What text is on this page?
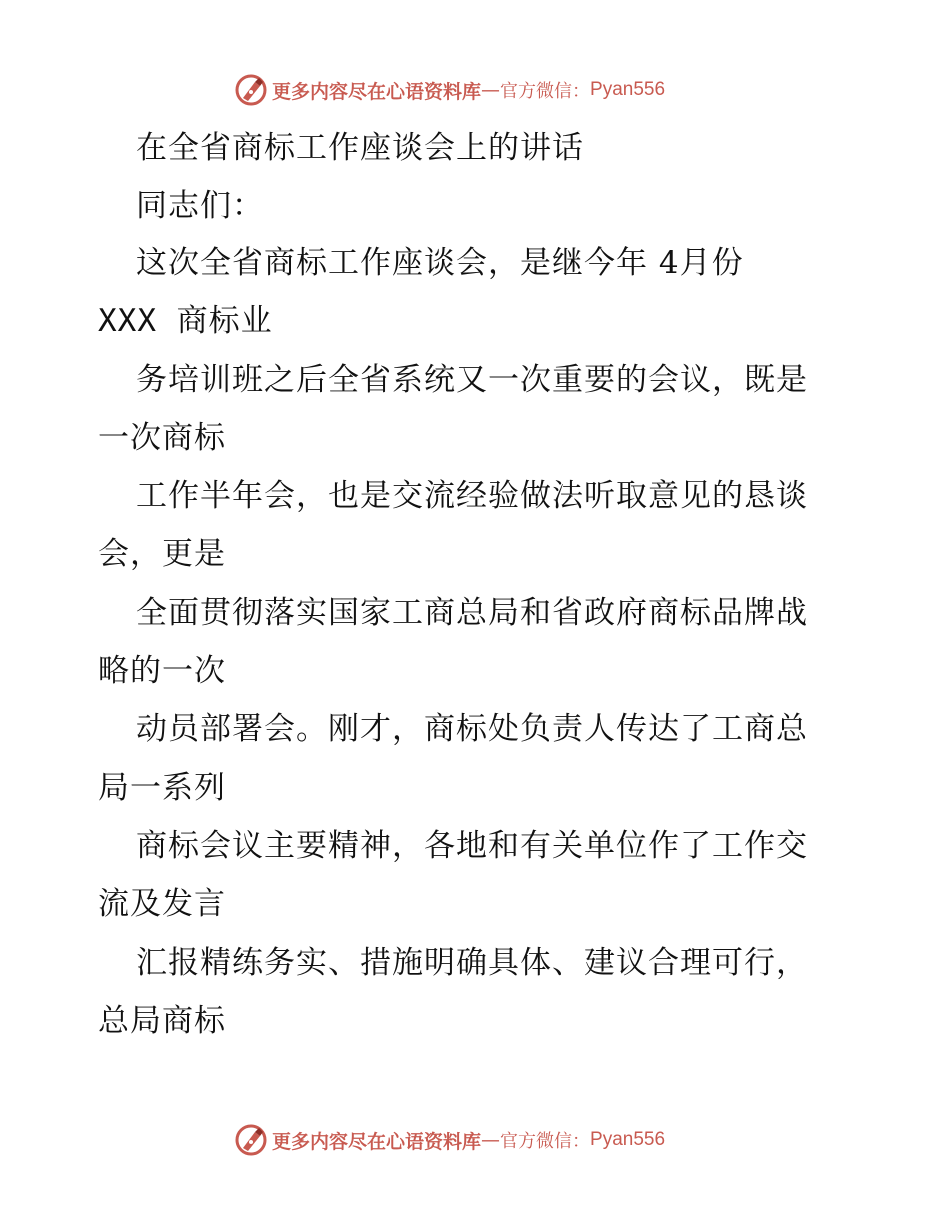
更多内容尽在心语资料库 — 官方微信： Pyan556
在全省商标工作座谈会上的讲话
同志们：
这次全省商标工作座谈会，是继今年 4月份
XXX 商标业
务培训班之后全省系统又一次重要的会议，既是
一次商标
工作半年会，也是交流经验做法听取意见的恳谈
会，更是
全面贯彻落实国家工商总局和省政府商标品牌战
略的一次
动员部署会。刚才，商标处负责人传达了工商总
局一系列
商标会议主要精神，各地和有关单位作了工作交
流及发言
汇报精练务实、措施明确具体、建议合理可行，
总局商标
更多内容尽在心语资料库 — 官方微信： Pyan556
